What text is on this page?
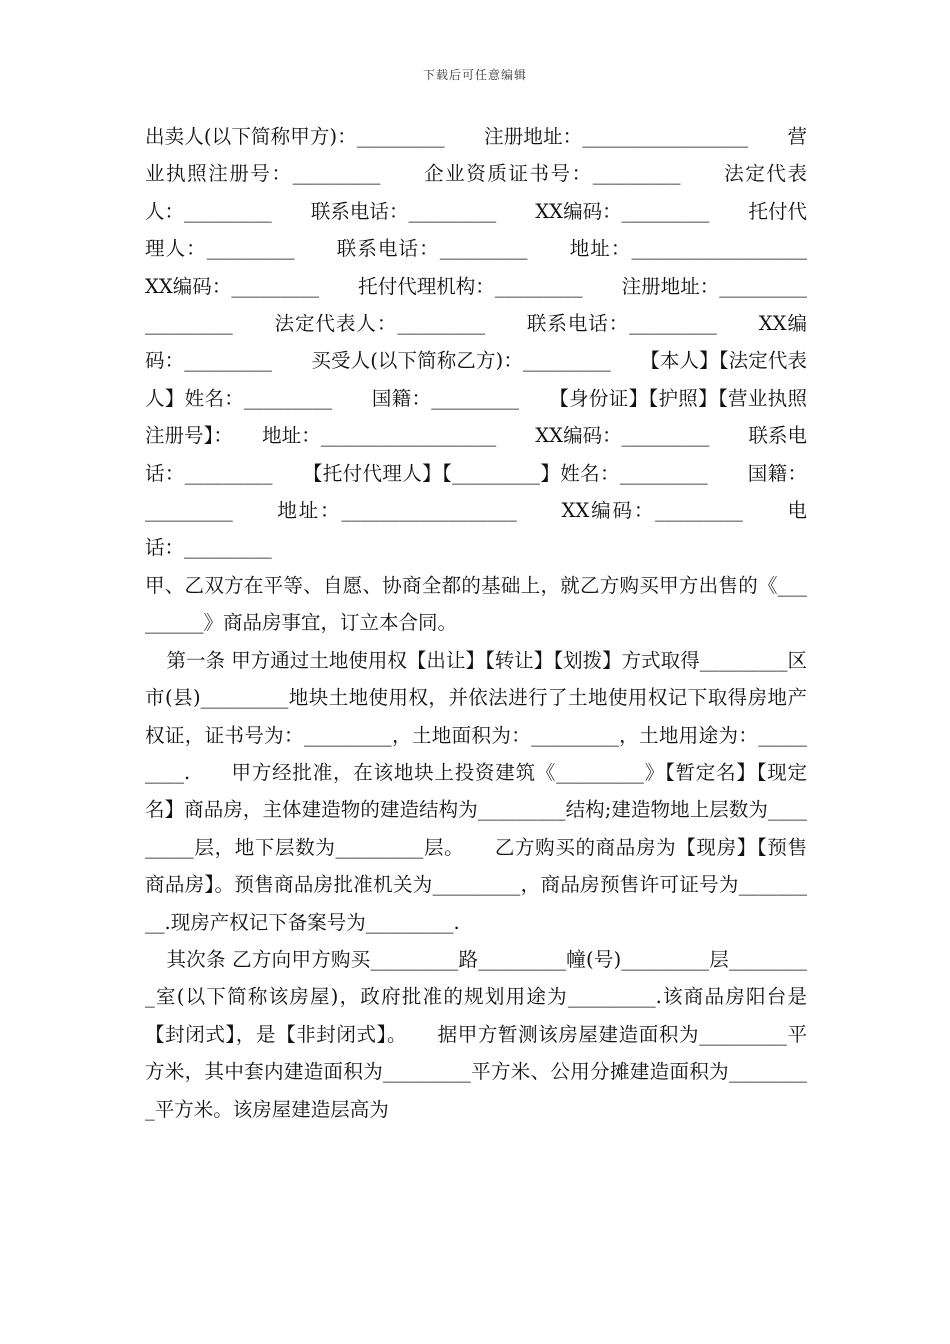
下载后可任意编辑

出卖人(以下简称甲方)：_________　　注册地址：_________________　　营业执照注册号：_________　　企业资质证书号：_________　　法定代表人：_________　　联系电话：_________　　XX编码：_________　　托付代理人：_________　　联系电话：_________　　地址：__________________　　XX编码：_________　　托付代理机构：_________　　注册地址：__________________　　法定代表人：_________　　联系电话：_________　　XX编码：_________　　买受人(以下简称乙方)：_________　　【本人】【法定代表人】姓名：_________　　国籍：_________　　【身份证】【护照】【营业执照注册号】：　　地址：__________________　　XX编码：_________　　联系电话：_________　　【托付代理人】【_________】姓名：_________　　国籍：_________　　地址：__________________　　XX编码：_________　　电话：_________

甲、乙双方在平等、自愿、协商全都的基础上，就乙方购买甲方出售的《_________》商品房事宜，订立本合同。

第一条 甲方通过土地使用权【出让】【转让】【划拨】方式取得_________区市(县)_________地块土地使用权，并依法进行了土地使用权记下取得房地产权证，证书号为：_________，土地面积为：_________，土地用途为：_________.　　甲方经批准，在该地块上投资建筑《_________》【暂定名】【现定名】商品房，主体建造物的建造结构为_________结构;建造物地上层数为_________层，地下层数为_________层。　　乙方购买的商品房为【现房】【预售商品房】。预售商品房批准机关为_________，商品房预售许可证号为_________.现房产权记下备案号为_________.

其次条 乙方向甲方购买_________路_________幢(号)_________层_________室(以下简称该房屋)，政府批准的规划用途为_________.该商品房阳台是【封闭式】，是【非封闭式】。　　据甲方暂测该房屋建造面积为_________平方米，其中套内建造面积为_________平方米、公用分摊建造面积为_________平方米。该房屋建造层高为
